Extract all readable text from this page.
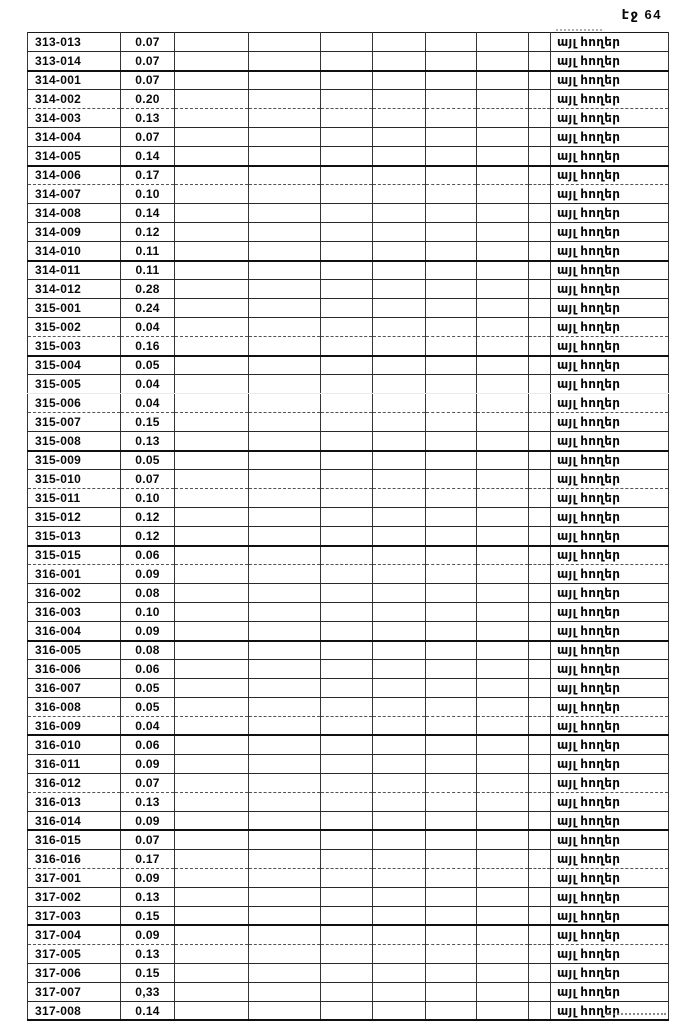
էջ 64
313-013	0.07								այլ հողեր
313-014	0.07								այլ հողեր
314-001	0.07								այլ հողեր
314-002	0.20								այլ հողեր
314-003	0.13								այլ հողեր
314-004	0.07								այլ հողեր
314-005	0.14								այլ հողեր
314-006	0.17								այլ հողեր
314-007	0.10								այլ հողեր
314-008	0.14								այլ հողեր
314-009	0.12								այլ հողեր
314-010	0.11								այլ հողեր
314-011	0.11								այլ հողեր
314-012	0.28								այլ հողեր
315-001	0.24								այլ հողեր
315-002	0.04								այլ հողեր
315-003	0.16								այլ հողեր
315-004	0.05								այլ հողեր
315-005	0.04								այլ հողեր
315-006	0.04								այլ հողեր
315-007	0.15								այլ հողեր
315-008	0.13								այլ հողեր
315-009	0.05								այլ հողեր
315-010	0.07								այլ հողեր
315-011	0.10								այլ հողեր
315-012	0.12								այլ հողեր
315-013	0.12								այլ հողեր
315-015	0.06								այլ հողեր
316-001	0.09								այլ հողեր
316-002	0.08								այլ հողեր
316-003	0.10								այլ հողեր
316-004	0.09								այլ հողեր
316-005	0.08								այլ հողեր
316-006	0.06								այլ հողեր
316-007	0.05								այլ հողեր
316-008	0.05								այլ հողեր
316-009	0.04								այլ հողեր
316-010	0.06								այլ հողեր
316-011	0.09								այլ հողեր
316-012	0.07								այլ հողեր
316-013	0.13								այլ հողեր
316-014	0.09								այլ հողեր
316-015	0.07								այլ հողեր
316-016	0.17								այլ հողեր
317-001	0.09								այլ հողեր
317-002	0.13								այլ հողեր
317-003	0.15								այլ հողեր
317-004	0.09								այլ հողեր
317-005	0.13								այլ հողեր
317-006	0.15								այլ հողեր
317-007	0,33								այլ հողեր
317-008	0.14								այլ հողեր
